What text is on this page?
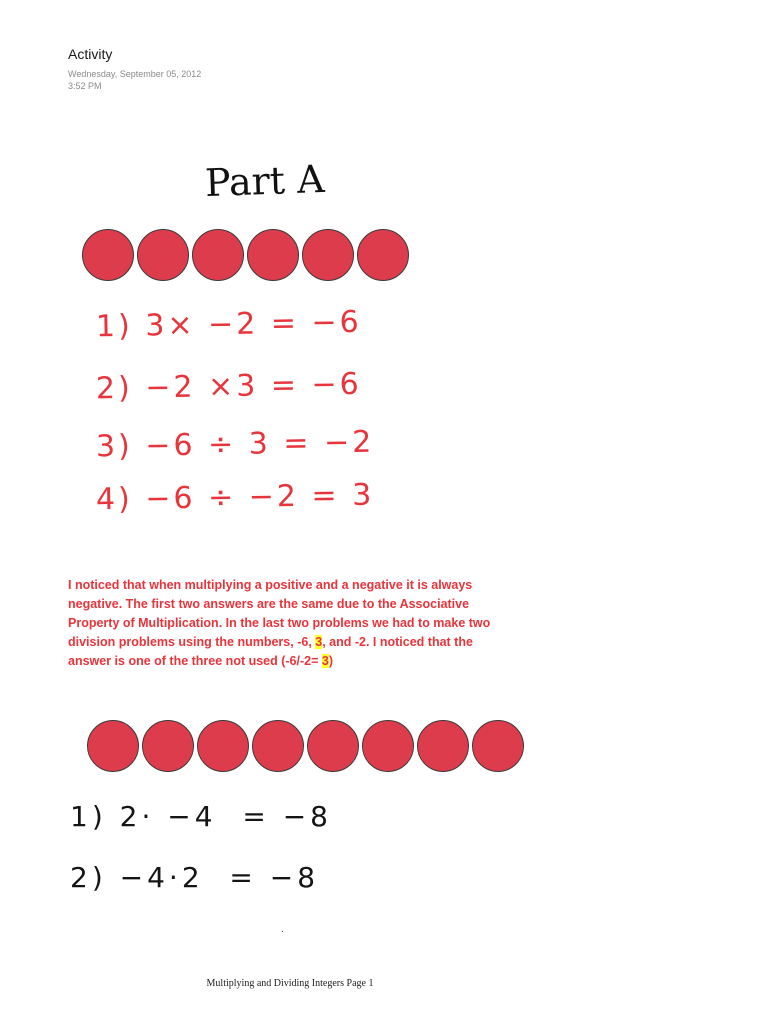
Activity
Wednesday, September 05, 2012
3:52 PM
Part A
1) 3× −2 = −6
2) −2 ×3 = −6
3) −6 ÷ 3 = −2
4) −6 ÷ −2 = 3
I noticed that when multiplying a positive and a negative it is always negative. The first two answers are the same due to the Associative Property of Multiplication. In the last two problems we had to make two division problems using the numbers, -6, 3, and -2. I noticed that the answer is one of the three not used (-6/-2= 3)
1) 2· −4  = −8
2) −4·2  = −8
.
Multiplying and Dividing Integers Page 1
